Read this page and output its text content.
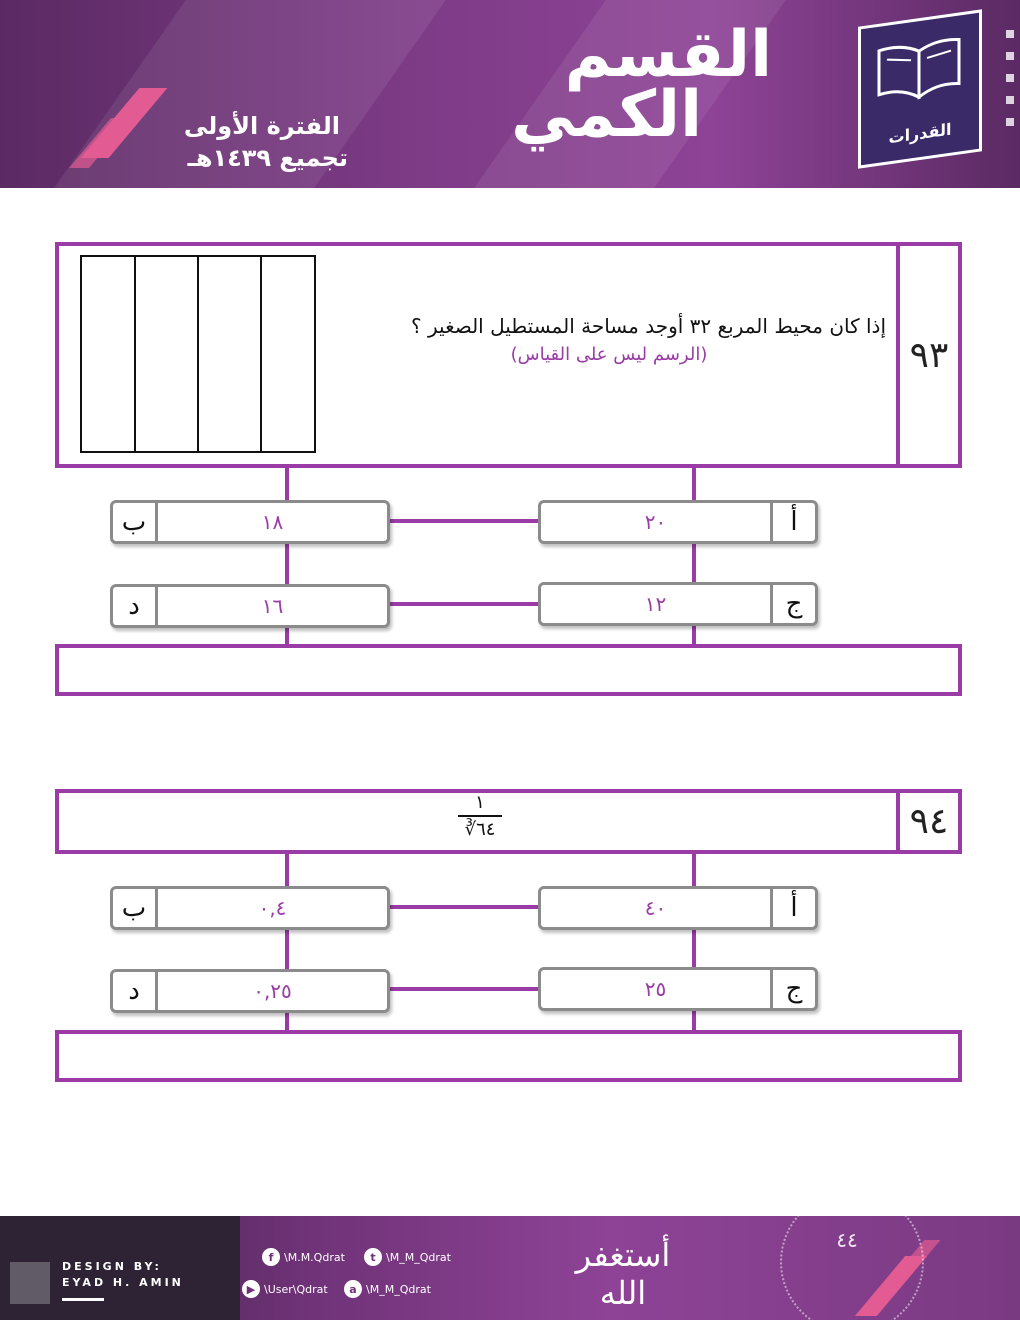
القسم
الكمي
الفترة الأولى
تجميع ١٤٣٩هـ
القدرات
٩٣
إذا كان محيط المربع ٣٢ أوجد مساحة المستطيل الصغير ؟
(الرسم ليس على القياس)
ب	١٨	أ
٢٠
د	١٦	ج
١٢
٩٤
١
∛٦٤
ب	٠,٤	أ
٤٠
د	٠,٢٥	ج
٢٥
DESIGN BY:
EYAD H. AMIN
f \M.M.Qdrat	t \M_M_Qdrat
▶ \User\Qdrat	a \M_M_Qdrat
أستغفر الله
٤٤
